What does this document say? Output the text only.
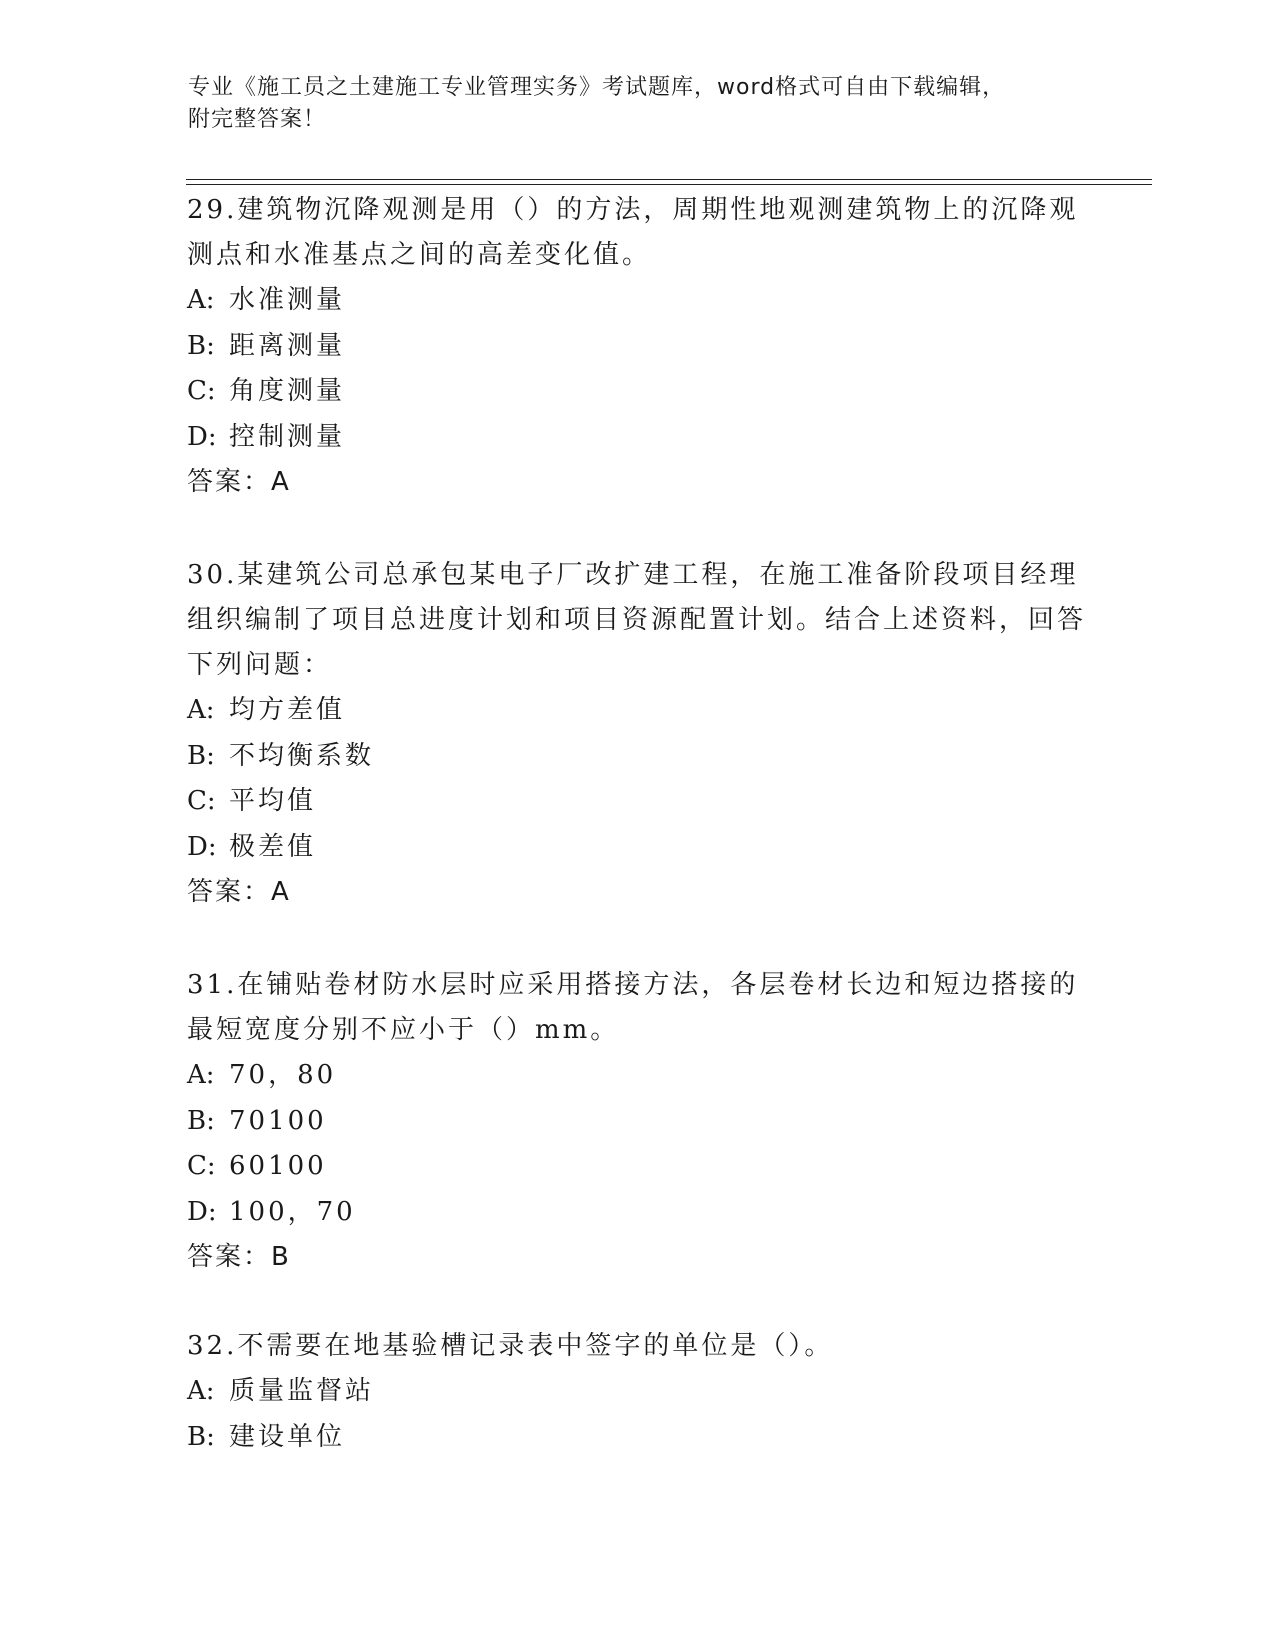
专业《施工员之土建施工专业管理实务》考试题库，word格式可自由下载编辑，
附完整答案！

29.建筑物沉降观测是用（）的方法，周期性地观测建筑物上的沉降观测点和水准基点之间的高差变化值。

A: 水准测量

B: 距离测量

C: 角度测量

D: 控制测量

答案：A

30.某建筑公司总承包某电子厂改扩建工程，在施工准备阶段项目经理组织编制了项目总进度计划和项目资源配置计划。结合上述资料，回答下列问题：

A: 均方差值

B: 不均衡系数

C: 平均值

D: 极差值

答案：A

31.在铺贴卷材防水层时应采用搭接方法，各层卷材长边和短边搭接的最短宽度分别不应小于（）mm。

A: 70，80

B: 70100

C: 60100

D: 100，70

答案：B

32.不需要在地基验槽记录表中签字的单位是（）。

A: 质量监督站

B: 建设单位
